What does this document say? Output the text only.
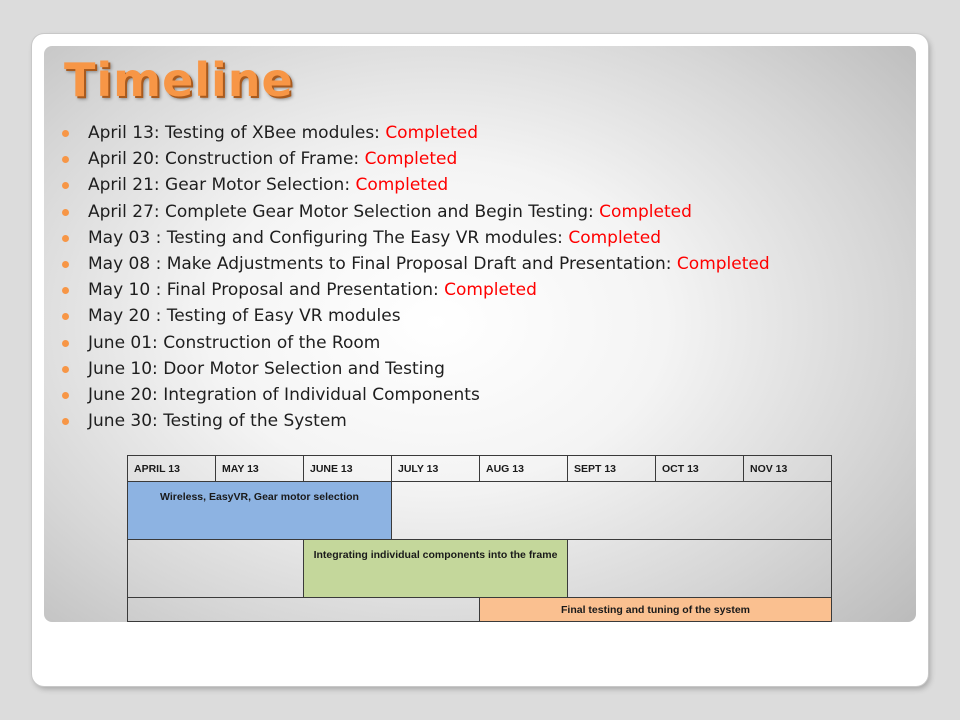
Timeline
April 13: Testing of XBee modules: Completed
April 20: Construction of Frame: Completed
April 21: Gear Motor Selection: Completed
April 27: Complete Gear Motor Selection and Begin Testing: Completed
May 03 : Testing and Configuring The Easy VR modules: Completed
May 08 : Make Adjustments to Final Proposal Draft and Presentation: Completed
May 10 : Final Proposal and Presentation: Completed
May 20 : Testing of Easy VR modules
June 01: Construction of the Room
June 10: Door Motor Selection and Testing
June 20: Integration of Individual Components
June 30: Testing of the System
APRIL 13	MAY 13	JUNE 13	JULY 13	AUG 13	SEPT 13	OCT 13	NOV 13
Wireless, EasyVR, Gear motor selection							
		Integrating individual components into the frame					
				Final testing and tuning of the system			
